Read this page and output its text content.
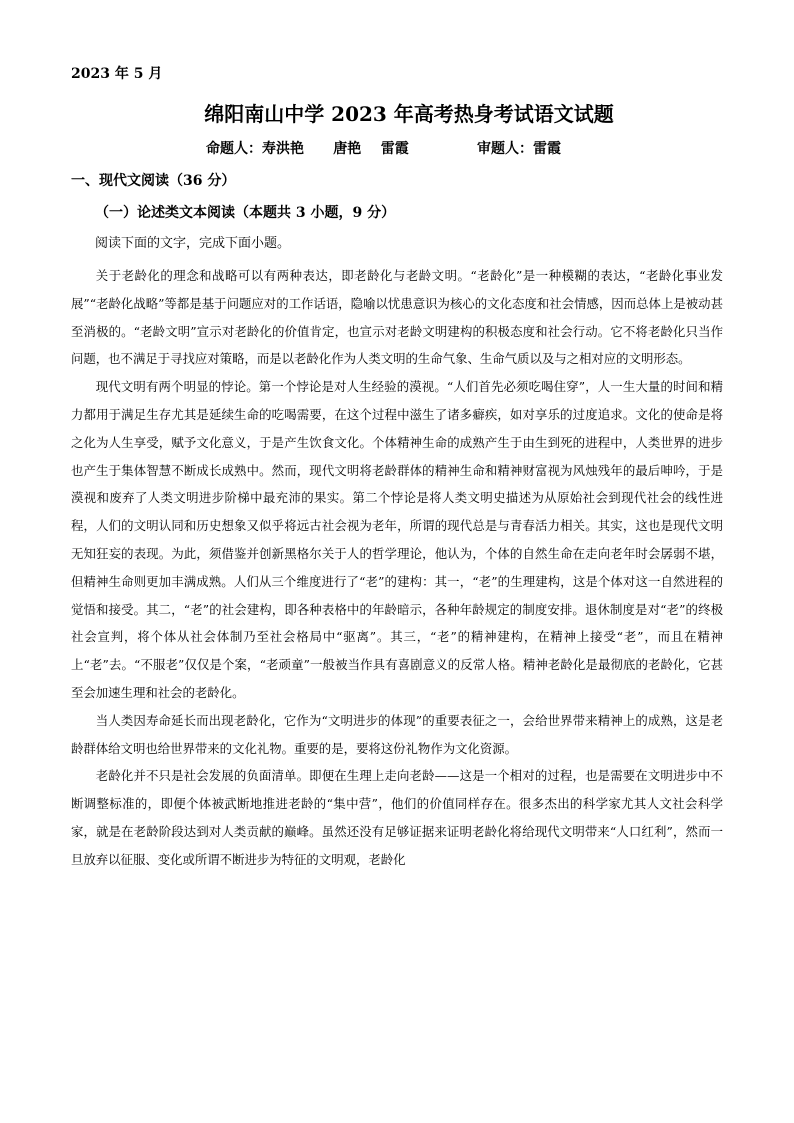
2023 年 5 月
绵阳南山中学 2023 年高考热身考试语文试题
命题人：寿洪艳      唐艳    雷霞              审题人：雷霞
一、现代文阅读（36 分）
（一）论述类文本阅读（本题共 3 小题，9 分）
阅读下面的文字，完成下面小题。

关于老龄化的理念和战略可以有两种表达，即老龄化与老龄文明。“老龄化”是一种模糊的表达，“老龄化事业发展”“老龄化战略”等都是基于问题应对的工作话语，隐喻以忧患意识为核心的文化态度和社会情感，因而总体上是被动甚至消极的。“老龄文明”宣示对老龄化的价值肯定，也宣示对老龄文明建构的积极态度和社会行动。它不将老龄化只当作问题，也不满足于寻找应对策略，而是以老龄化作为人类文明的生命气象、生命气质以及与之相对应的文明形态。

现代文明有两个明显的悖论。第一个悖论是对人生经验的漠视。“人们首先必须吃喝住穿”，人一生大量的时间和精力都用于满足生存尤其是延续生命的吃喝需要，在这个过程中滋生了诸多癖疾，如对享乐的过度追求。文化的使命是将之化为人生享受，赋予文化意义，于是产生饮食文化。个体精神生命的成熟产生于由生到死的进程中，人类世界的进步也产生于集体智慧不断成长成熟中。然而，现代文明将老龄群体的精神生命和精神财富视为风烛残年的最后呻吟，于是漠视和废弃了人类文明进步阶梯中最充沛的果实。第二个悖论是将人类文明史描述为从原始社会到现代社会的线性进程，人们的文明认同和历史想象又似乎将远古社会视为老年，所谓的现代总是与青春活力相关。其实，这也是现代文明无知狂妄的表现。为此，须借鉴并创新黑格尔关于人的哲学理论，他认为，个体的自然生命在走向老年时会孱弱不堪，但精神生命则更加丰满成熟。人们从三个维度进行了“老”的建构：其一，“老”的生理建构，这是个体对这一自然进程的觉悟和接受。其二，“老”的社会建构，即各种表格中的年龄暗示，各种年龄规定的制度安排。退休制度是对“老”的终极社会宣判，将个体从社会体制乃至社会格局中“驱离”。其三，“老”的精神建构，在精神上接受“老”，而且在精神上“老”去。“不服老”仅仅是个案，“老顽童”一般被当作具有喜剧意义的反常人格。精神老龄化是最彻底的老龄化，它甚至会加速生理和社会的老龄化。

当人类因寿命延长而出现老龄化，它作为“文明进步的体现”的重要表征之一，会给世界带来精神上的成熟，这是老龄群体给文明也给世界带来的文化礼物。重要的是，要将这份礼物作为文化资源。

老龄化并不只是社会发展的负面清单。即便在生理上走向老龄——这是一个相对的过程，也是需要在文明进步中不断调整标准的，即便个体被武断地推进老龄的“集中营”，他们的价值同样存在。很多杰出的科学家尤其人文社会科学家，就是在老龄阶段达到对人类贡献的巅峰。虽然还没有足够证据来证明老龄化将给现代文明带来“人口红利”，然而一旦放弃以征服、变化或所谓不断进步为特征的文明观，老龄化
